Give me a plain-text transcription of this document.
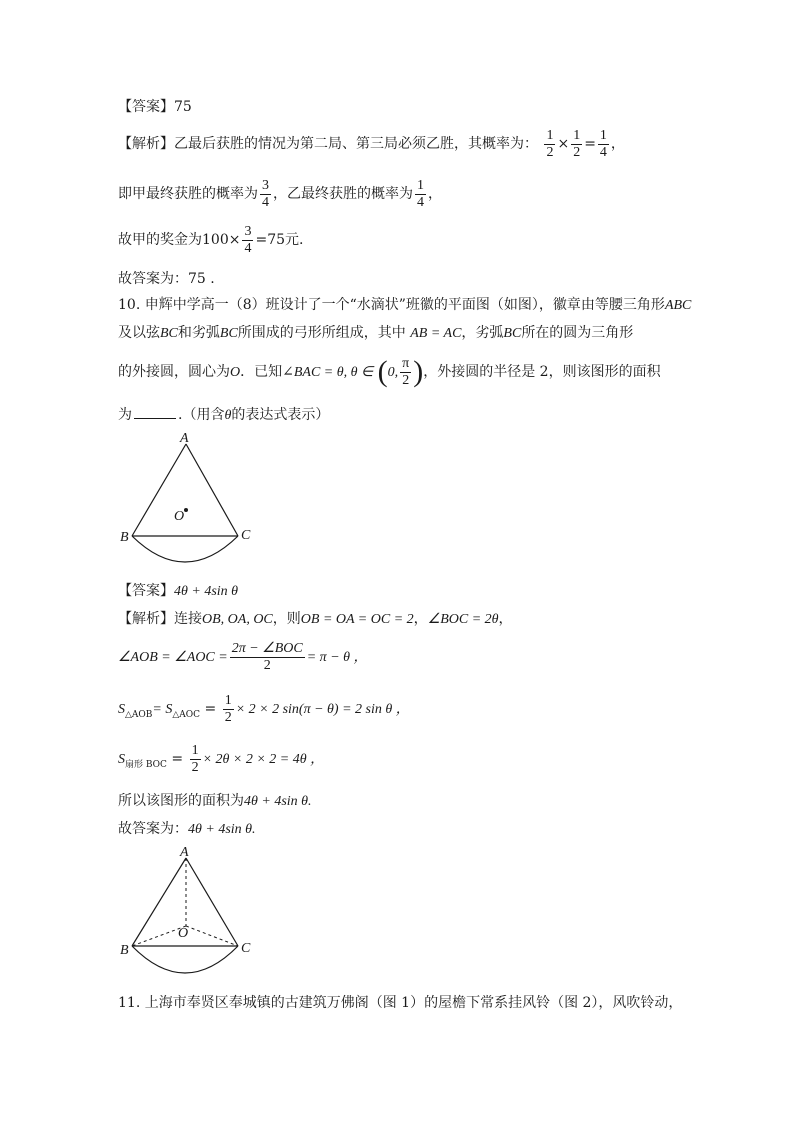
【答案】75
【解析】乙最后获胜的情况为第二局、第三局必须乙胜，其概率为： $\frac{1}{2} \times \frac{1}{2} = \frac{1}{4}$ ，
即甲最终获胜的概率为 $\frac{3}{4}$ ，乙最终获胜的概率为 $\frac{1}{4}$ ，
故甲的奖金为$100\times \frac{3}{4} =75$元.
故答案为：75 .
10. 申辉中学高一（8）班设计了一个“水滴状”班徽的平面图（如图），徽章由等腰三角形ABC
及以弦BC和劣弧BC所围成的弓形所组成，其中 AB = AC，劣弧BC所在的圆为三角形
的外接圆，圆心为O．已知∠BAC = θ, θ ∈ (0, $\frac{\pi}{2}$ )，外接圆的半径是 2，则该图形的面积
为	.（用含θ的表达式表示）
A
B	C
O
【答案】4θ + 4sin θ
【解析】连接OB, OA, OC，则OB = OA = OC = 2，∠BOC = 2θ，
∠AOB = ∠AOC = $\frac{\text{2π − ∠BOC}}{2} = \pi - \theta$ ，
$S_{\triangle AOB}= S_{\triangle AOC} = \frac{1}{2} \times 2 \times 2$ sin(π − θ) = 2 sin θ ，
$S_{扇形 BOC} = \frac{1}{2} \times 2\theta \times 2 \times 2 = 4\theta$ ，
所以该图形的面积为4θ + 4sin θ.
故答案为：4θ + 4sin θ.
A
B	C
O
11. 上海市奉贤区奉城镇的古建筑万佛阁（图 1）的屋檐下常系挂风铃（图 2），风吹铃动，
